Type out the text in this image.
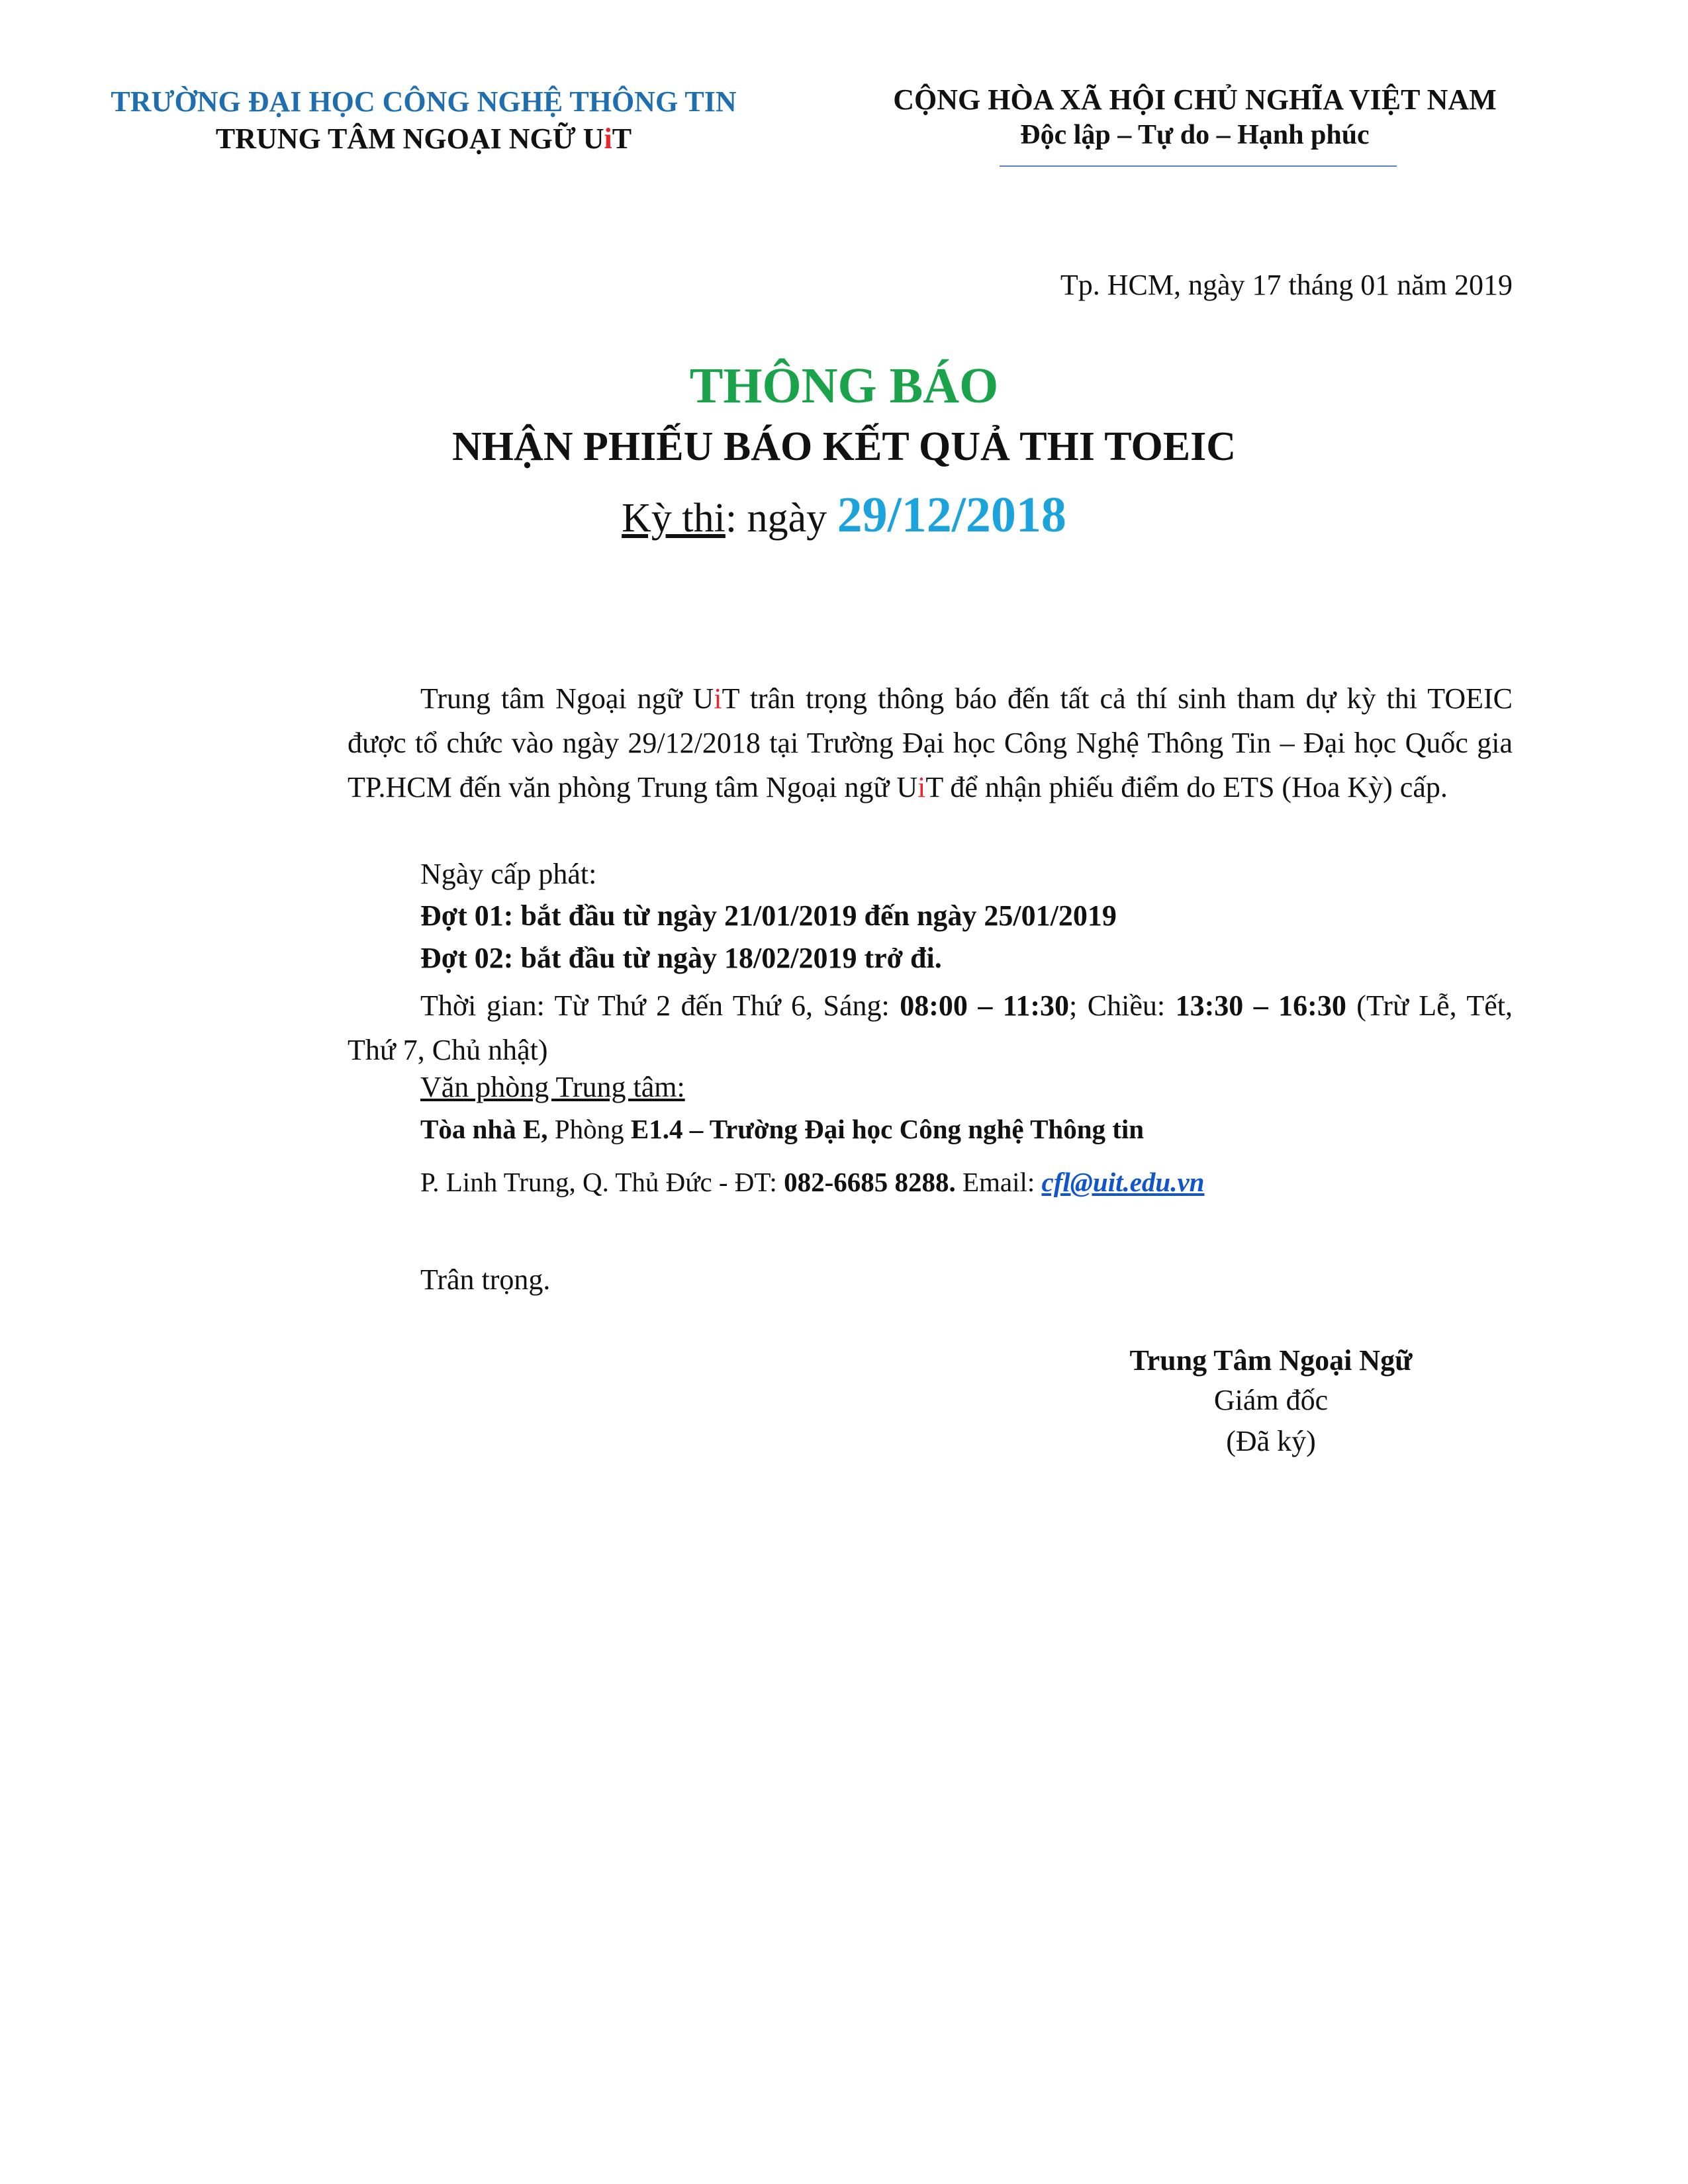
TRƯỜNG ĐẠI HỌC CÔNG NGHỆ THÔNG TIN
TRUNG TÂM NGOẠI NGỮ UiT
CỘNG HÒA XÃ HỘI CHỦ NGHĨA VIỆT NAM
Độc lập – Tự do – Hạnh phúc
Tp. HCM, ngày 17 tháng 01 năm 2019
THÔNG BÁO
NHẬN PHIẾU BÁO KẾT QUẢ THI TOEIC
Kỳ thi: ngày 29/12/2018
Trung tâm Ngoại ngữ UiT trân trọng thông báo đến tất cả thí sinh tham dự kỳ thi TOEIC được tổ chức vào ngày 29/12/2018 tại Trường Đại học Công Nghệ Thông Tin – Đại học Quốc gia TP.HCM đến văn phòng Trung tâm Ngoại ngữ UiT để nhận phiếu điểm do ETS (Hoa Kỳ) cấp.
Ngày cấp phát:
Đợt 01: bắt đầu từ ngày 21/01/2019 đến ngày 25/01/2019
Đợt 02: bắt đầu từ ngày 18/02/2019 trở đi.
Thời gian: Từ Thứ 2 đến Thứ 6, Sáng: 08:00 – 11:30; Chiều: 13:30 – 16:30 (Trừ Lễ, Tết, Thứ 7, Chủ nhật)
Văn phòng Trung tâm:
Tòa nhà E, Phòng E1.4 – Trường Đại học Công nghệ Thông tin
P. Linh Trung, Q. Thủ Đức - ĐT: 082-6685 8288. Email: cfl@uit.edu.vn
Trân trọng.
Trung Tâm Ngoại Ngữ
Giám đốc
(Đã ký)
